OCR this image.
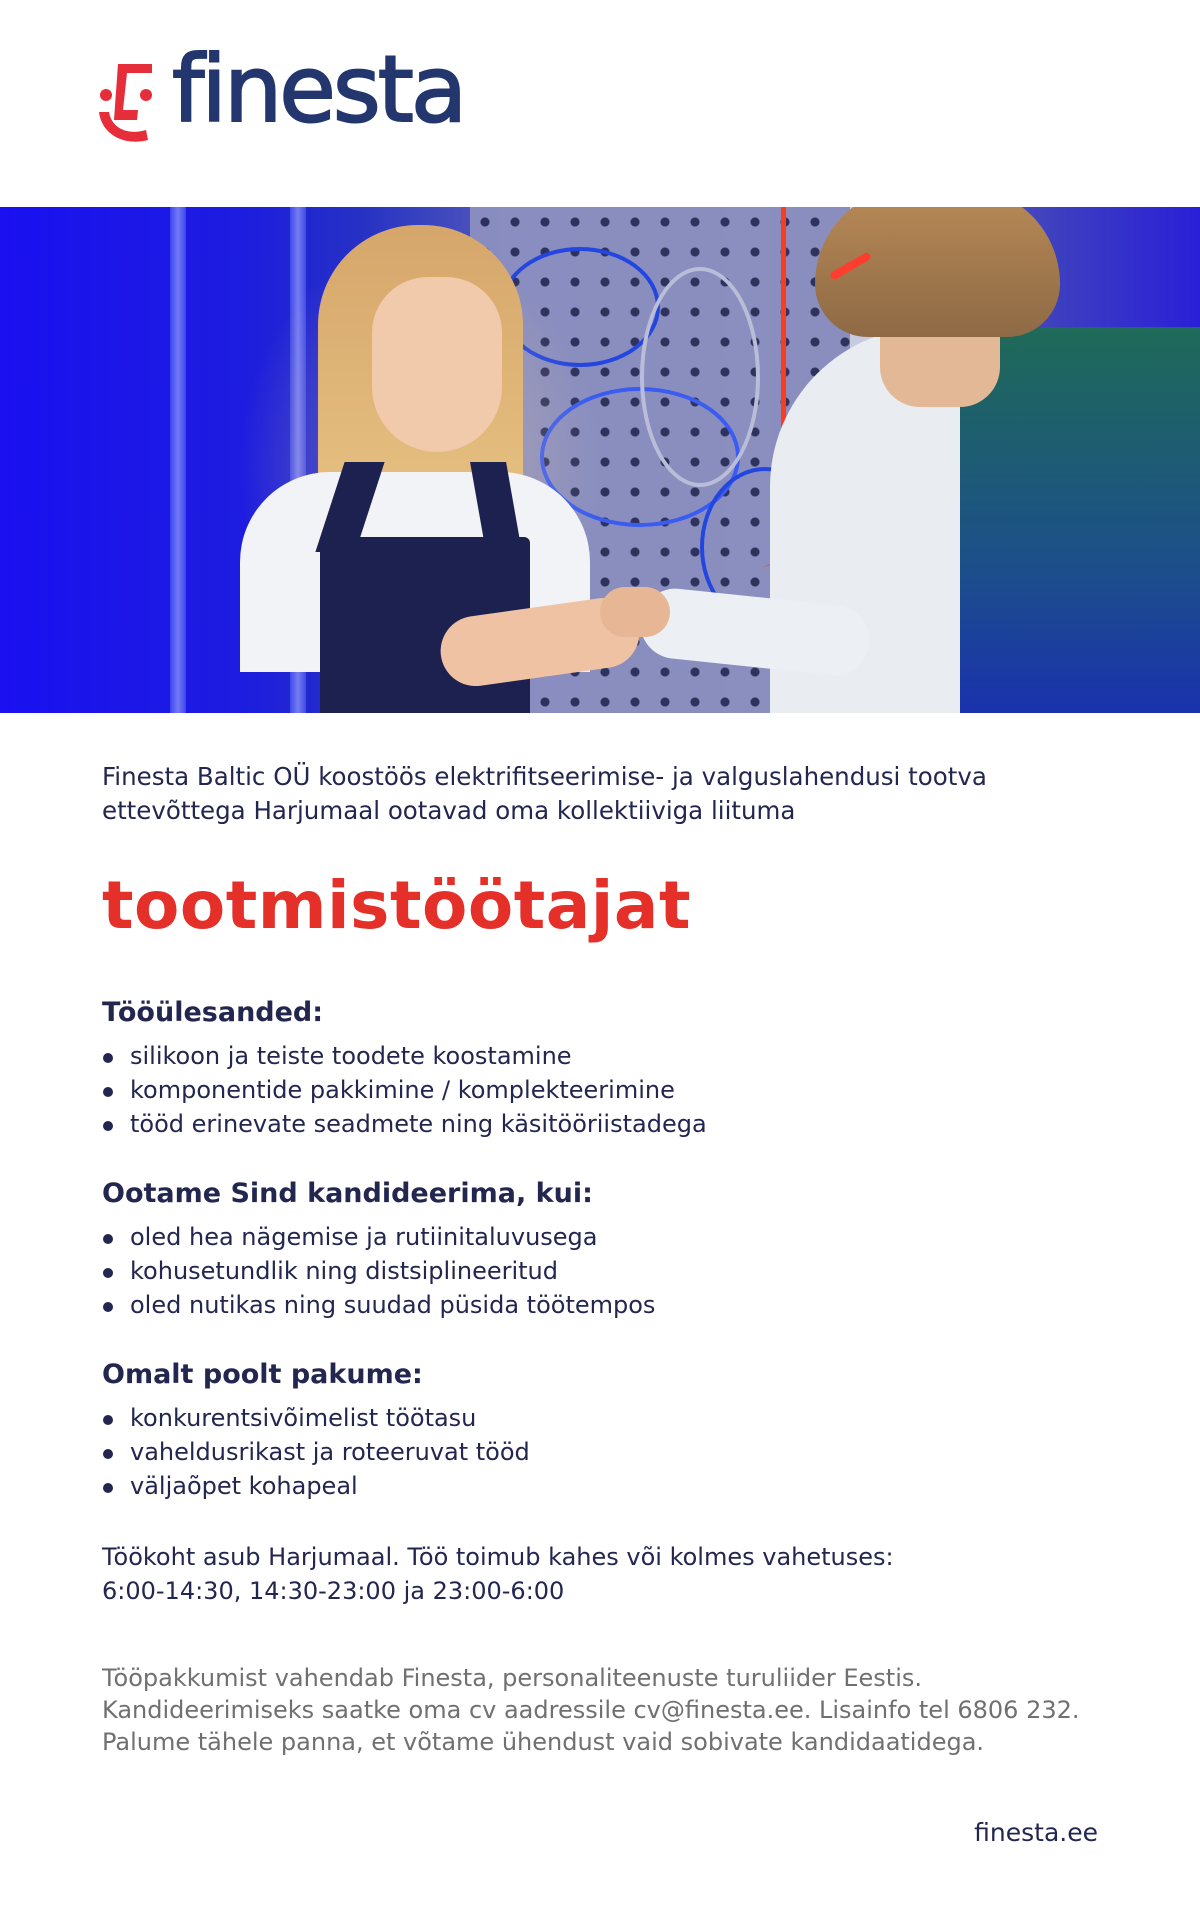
finesta
Finesta Baltic OÜ koostöös elektrifitseerimise- ja valguslahendusi tootva
ettevõttega Harjumaal ootavad oma kollektiiviga liituma
tootmistöötajat
Tööülesanded:
silikoon ja teiste toodete koostamine
komponentide pakkimine / komplekteerimine
tööd erinevate seadmete ning käsitööriistadega
Ootame Sind kandideerima, kui:
oled hea nägemise ja rutiinitaluvusega
kohusetundlik ning distsiplineeritud
oled nutikas ning suudad püsida töötempos
Omalt poolt pakume:
konkurentsivõimelist töötasu
vaheldusrikast ja roteeruvat tööd
väljaõpet kohapeal
Töökoht asub Harjumaal. Töö toimub kahes või kolmes vahetuses:
6:00-14:30, 14:30-23:00 ja 23:00-6:00
Tööpakkumist vahendab Finesta, personaliteenuste turuliider Eestis.
Kandideerimiseks saatke oma cv aadressile cv@finesta.ee. Lisainfo tel 6806 232.
Palume tähele panna, et võtame ühendust vaid sobivate kandidaatidega.
finesta.ee
